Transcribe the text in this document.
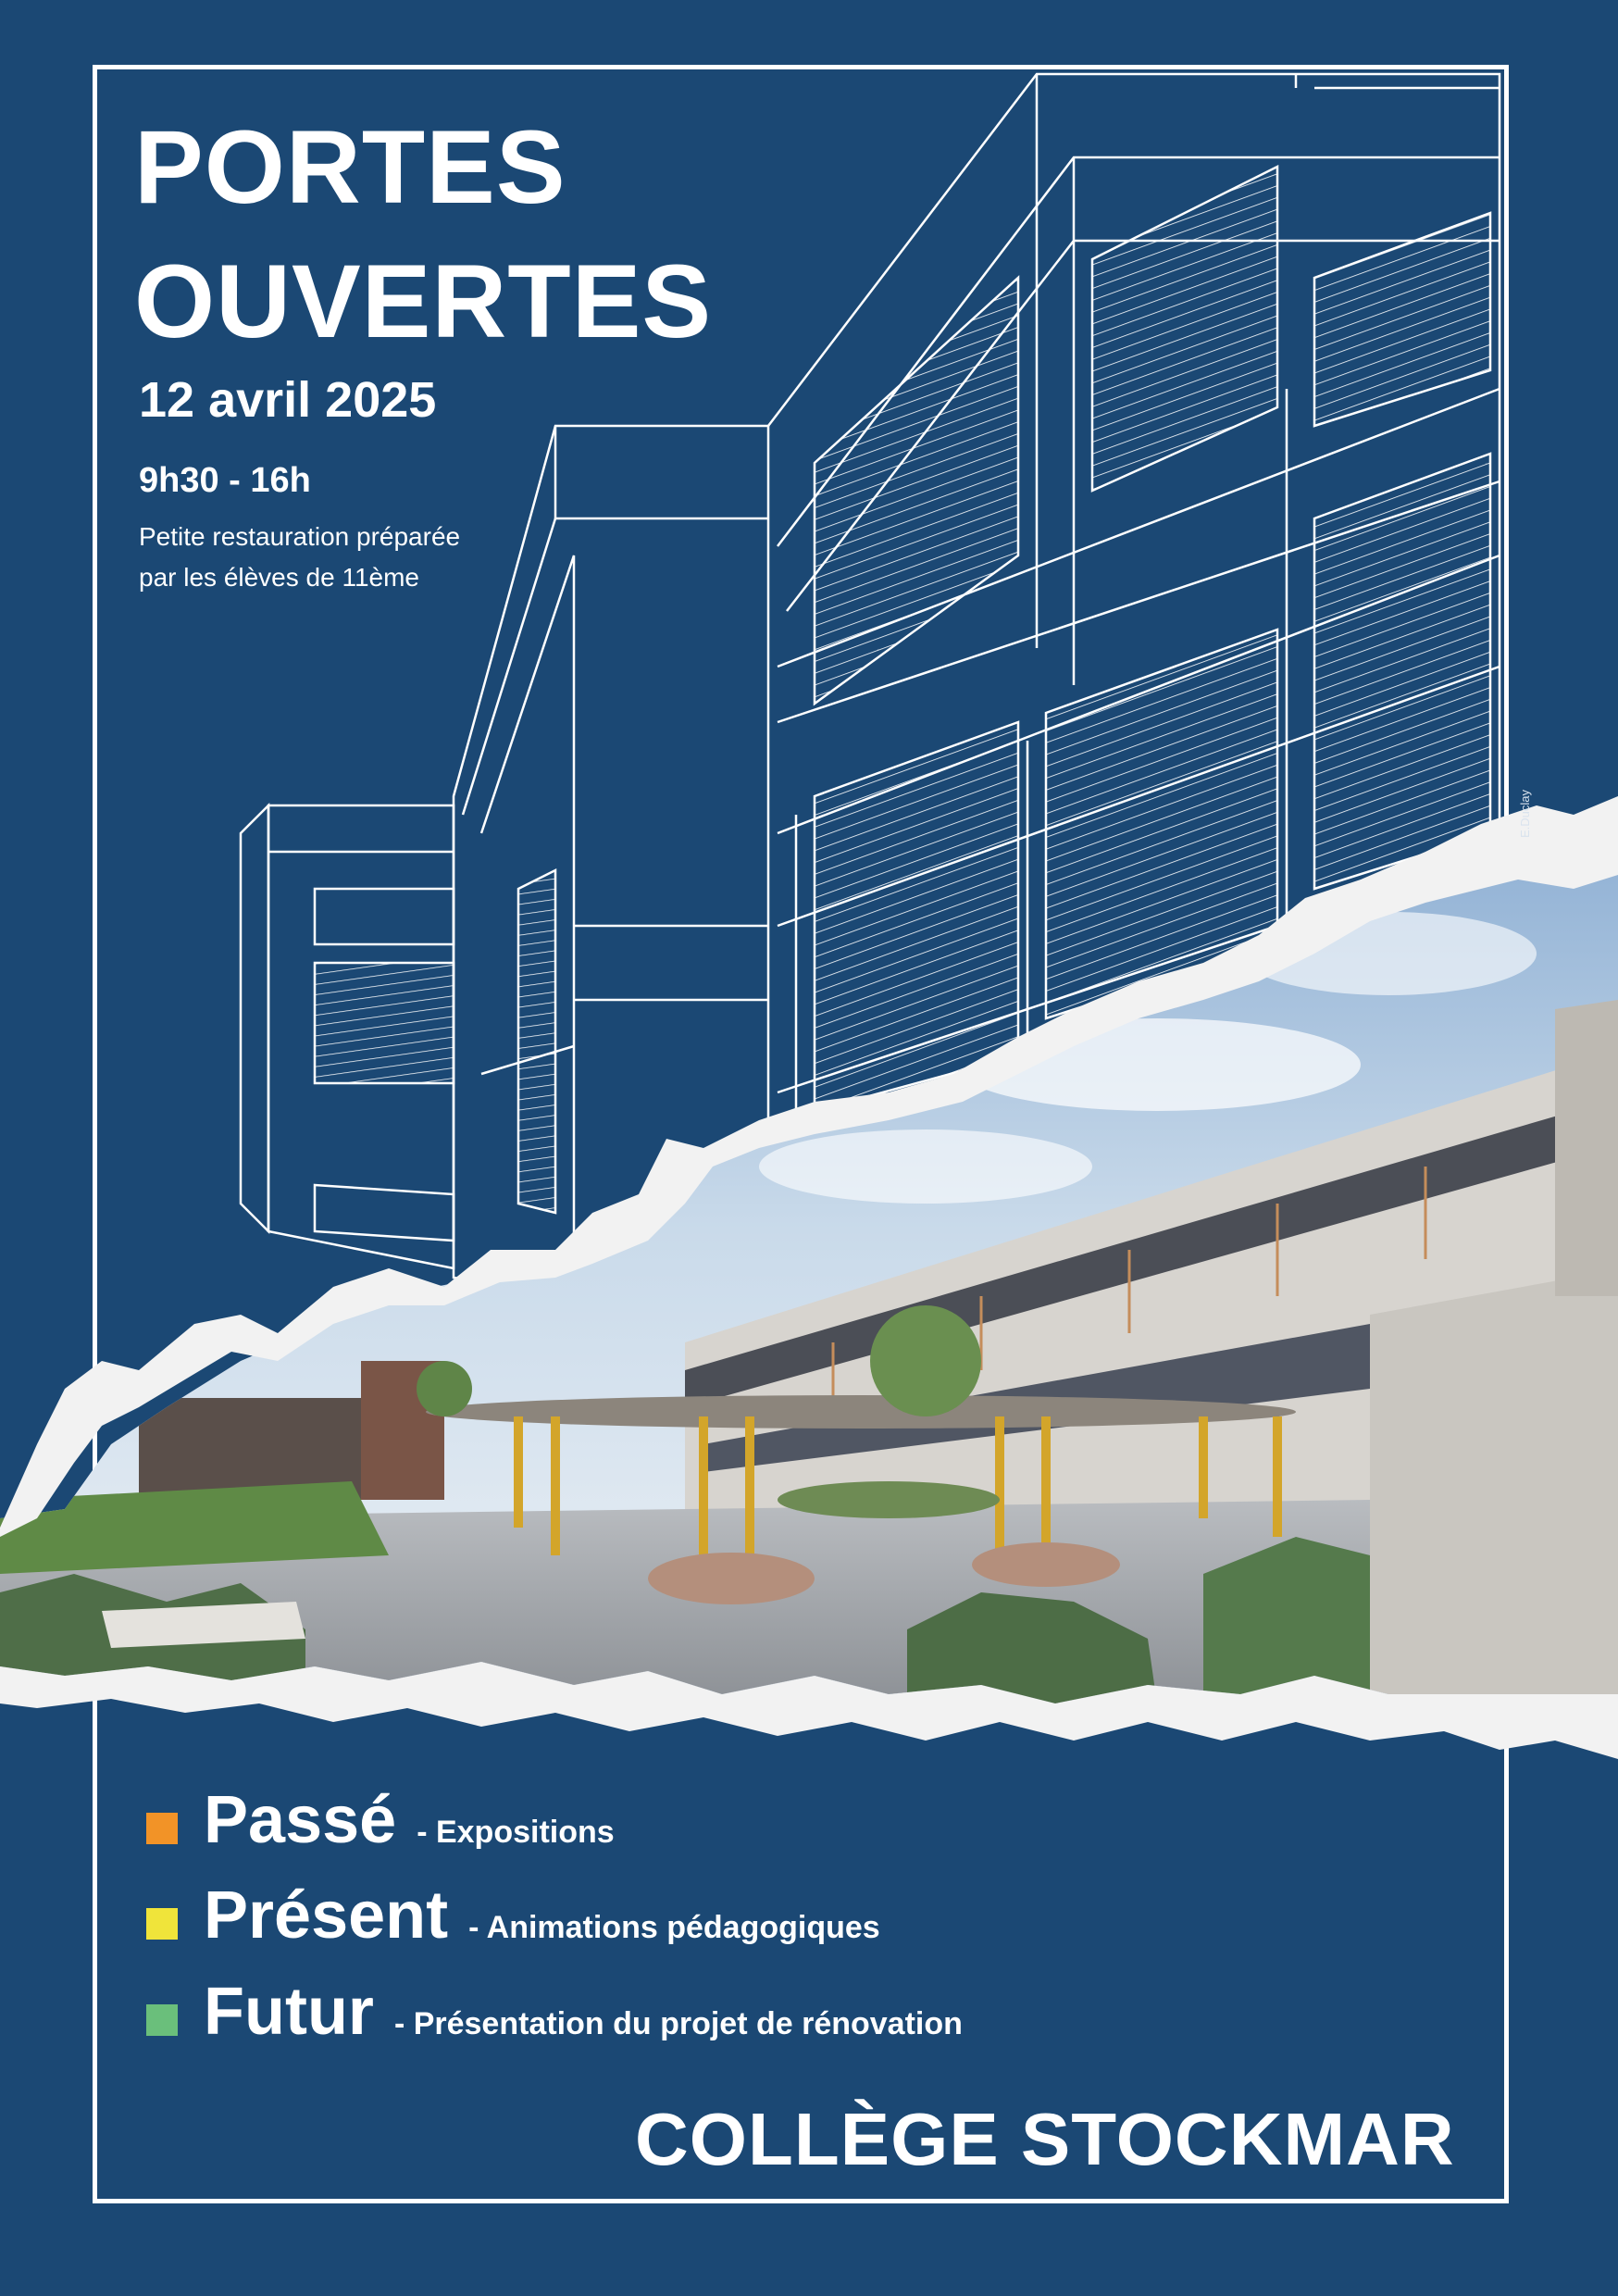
PORTES
OUVERTES
12 avril 2025
9h30 - 16h
Petite restauration préparée
par les élèves de 11ème
E.Duclay
Passé - Expositions
Présent - Animations pédagogiques
Futur - Présentation du projet de rénovation
COLLÈGE STOCKMAR
